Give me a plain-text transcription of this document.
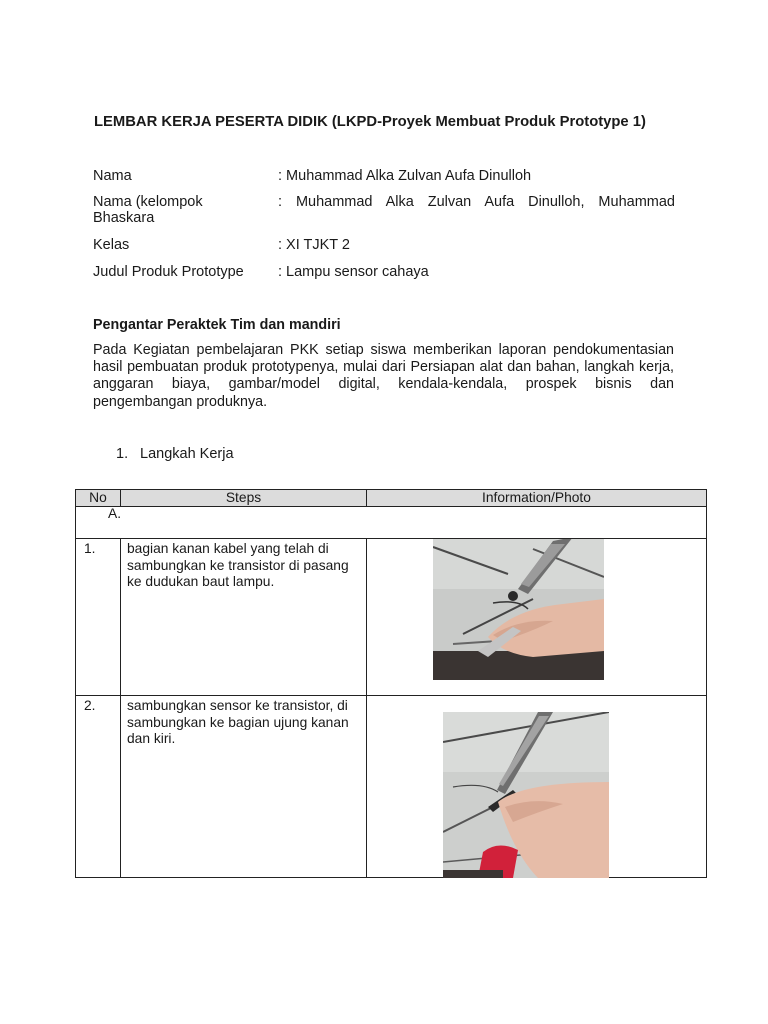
LEMBAR KERJA PESERTA DIDIK (LKPD-Proyek Membuat Produk Prototype 1)
Nama	: Muhammad Alka Zulvan Aufa Dinulloh
Nama (kelompok
Bhaskara
: Muhammad Alka Zulvan Aufa Dinulloh, Muhammad
Kelas	: XI TJKT 2
Judul Produk Prototype	: Lampu sensor cahaya
Pengantar Peraktek Tim dan mandiri
Pada Kegiatan pembelajaran PKK setiap siswa memberikan laporan pendokumentasian hasil pembuatan produk prototypenya, mulai dari Persiapan alat dan bahan, langkah kerja, anggaran biaya, gambar/model digital, kendala-kendala, prospek bisnis dan pengembangan produknya.
1. Langkah Kerja
No	Steps	Information/Photo
A.		
1.	bagian kanan kabel yang telah di sambungkan ke transistor di pasang ke dudukan baut lampu.	

2.	sambungkan sensor ke transistor, di sambungkan ke bagian ujung kanan dan kiri.	
